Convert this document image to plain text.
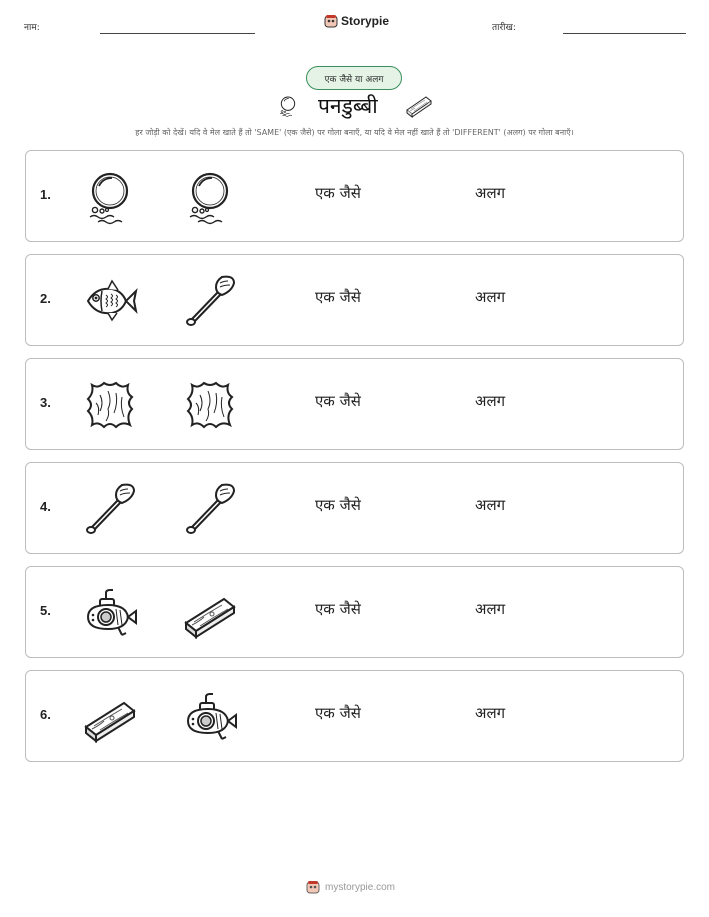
नाम:	Storypie	तारीख:
एक जैसे या अलग
पनडुब्बी
हर जोड़ी को देखें। यदि वे मेल खाते हैं तो 'SAME' (एक जैसे) पर गोला बनाएँ, या यदि वे मेल नहीं खाते हैं तो 'DIFFERENT' (अलग) पर गोला बनाएँ।
1.	एक जैसे	अलग
2.	एक जैसे	अलग
3.	एक जैसे	अलग
4.	एक जैसे	अलग
5.	एक जैसे	अलग
6.	एक जैसे	अलग
mystorypie.com
